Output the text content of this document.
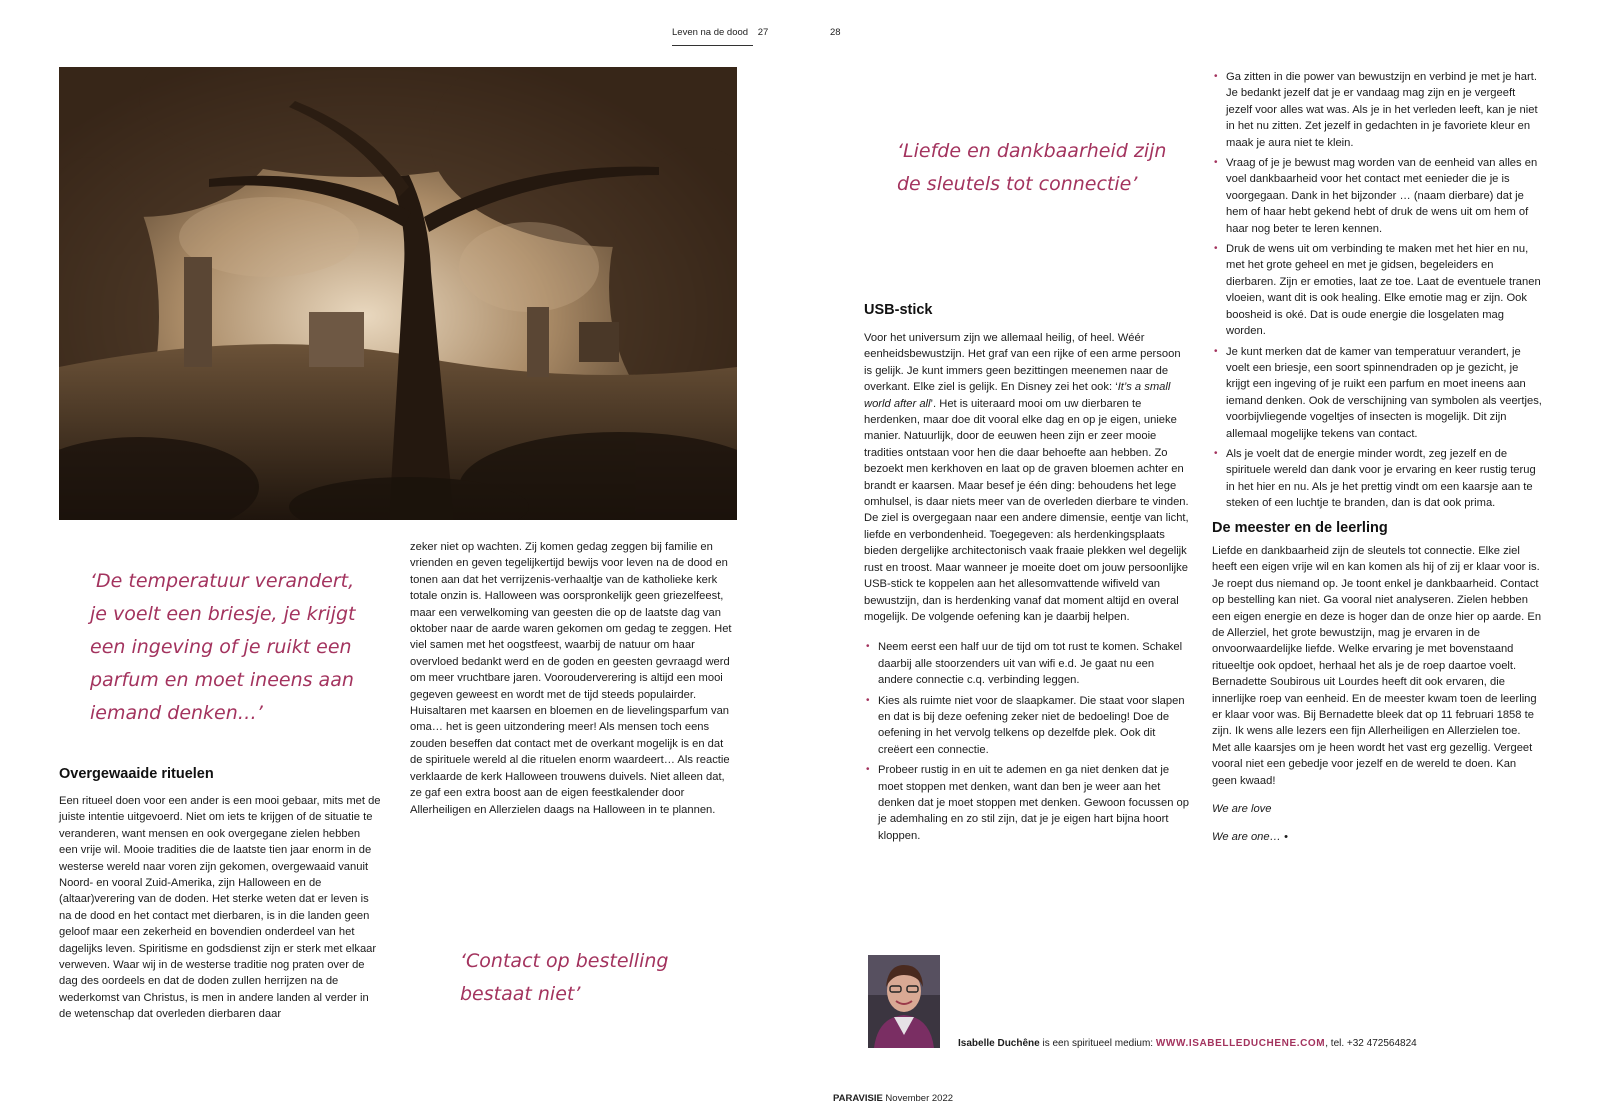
Leven na de dood 27	28
‘De temperatuur verandert,
je voelt een briesje, je krijgt
een ingeving of je ruikt een
parfum en moet ineens aan
iemand denken…’
Overgewaaide rituelen

Een ritueel doen voor een ander is een mooi gebaar, mits met de juiste intentie uitgevoerd. Niet om iets te krijgen of de situatie te veranderen, want mensen en ook overgegane zielen hebben een vrije wil. Mooie tradities die de laatste tien jaar enorm in de westerse wereld naar voren zijn gekomen, overgewaaid vanuit Noord- en vooral Zuid-Amerika, zijn Halloween en de (altaar)verering van de doden. Het sterke weten dat er leven is na de dood en het contact met dierbaren, is in die landen geen geloof maar een zekerheid en bovendien onderdeel van het dagelijks leven. Spiritisme en godsdienst zijn er sterk met elkaar verweven. Waar wij in de westerse traditie nog praten over de dag des oordeels en dat de doden zullen herrijzen na de wederkomst van Christus, is men in andere landen al verder in de wetenschap dat overleden dierbaren daar

zeker niet op wachten. Zij komen gedag zeggen bij familie en vrienden en geven tegelijkertijd bewijs voor leven na de dood en tonen aan dat het verrijzenis-verhaaltje van de katholieke kerk totale onzin is. Halloween was oorspronkelijk geen griezelfeest, maar een verwelkoming van geesten die op de laatste dag van oktober naar de aarde waren gekomen om gedag te zeggen. Het viel samen met het oogstfeest, waarbij de natuur om haar overvloed bedankt werd en de goden en geesten gevraagd werd om meer vruchtbare jaren. Voorouderverering is altijd een mooi gegeven geweest en wordt met de tijd steeds populairder. Huisaltaren met kaarsen en bloemen en de lievelingsparfum van oma… het is geen uitzondering meer! Als mensen toch eens zouden beseffen dat contact met de overkant mogelijk is en dat de spirituele wereld al die rituelen enorm waardeert… Als reactie verklaarde de kerk Halloween trouwens duivels. Niet alleen dat, ze gaf een extra boost aan de eigen feestkalender door Allerheiligen en Allerzielen daags na Halloween in te plannen.

‘Contact op bestelling
bestaat niet’
‘Liefde en dankbaarheid zijn
de sleutels tot connectie’
USB-stick

Voor het universum zijn we allemaal heilig, of heel. Wéér eenheidsbewustzijn. Het graf van een rijke of een arme persoon is gelijk. Je kunt immers geen bezittingen meenemen naar de overkant. Elke ziel is gelijk. En Disney zei het ook: ‘It’s a small world after all’. Het is uiteraard mooi om uw dierbaren te herdenken, maar doe dit vooral elke dag en op je eigen, unieke manier. Natuurlijk, door de eeuwen heen zijn er zeer mooie tradities ontstaan voor hen die daar behoefte aan hebben. Zo bezoekt men kerkhoven en laat op de graven bloemen achter en brandt er kaarsen. Maar besef je één ding: behoudens het lege omhulsel, is daar niets meer van de overleden dierbare te vinden. De ziel is overgegaan naar een andere dimensie, eentje van licht, liefde en verbondenheid. Toegegeven: als herdenkingsplaats bieden dergelijke architectonisch vaak fraaie plekken wel degelijk rust en troost. Maar wanneer je moeite doet om jouw persoonlijke USB-stick te koppelen aan het allesomvattende wifiveld van bewustzijn, dan is herdenking vanaf dat moment altijd en overal mogelijk. De volgende oefening kan je daarbij helpen.

• Neem eerst een half uur de tijd om tot rust te komen. Schakel daarbij alle stoorzenders uit van wifi e.d. Je gaat nu een andere connectie c.q. verbinding leggen.
• Kies als ruimte niet voor de slaapkamer. Die staat voor slapen en dat is bij deze oefening zeker niet de bedoeling! Doe de oefening in het vervolg telkens op dezelfde plek. Ook dit creëert een connectie.
• Probeer rustig in en uit te ademen en ga niet denken dat je moet stoppen met denken, want dan ben je weer aan het denken dat je moet stoppen met denken. Gewoon focussen op je ademhaling en zo stil zijn, dat je je eigen hart bijna hoort kloppen.
• Ga zitten in die power van bewustzijn en verbind je met je hart. Je bedankt jezelf dat je er vandaag mag zijn en je vergeeft jezelf voor alles wat was. Als je in het verleden leeft, kan je niet in het nu zitten. Zet jezelf in gedachten in je favoriete kleur en maak je aura niet te klein.
• Vraag of je je bewust mag worden van de eenheid van alles en voel dankbaarheid voor het contact met eenieder die je is voorgegaan. Dank in het bijzonder … (naam dierbare) dat je hem of haar hebt gekend hebt of druk de wens uit om hem of haar nog beter te leren kennen.
• Druk de wens uit om verbinding te maken met het hier en nu, met het grote geheel en met je gidsen, begeleiders en dierbaren. Zijn er emoties, laat ze toe. Laat de eventuele tranen vloeien, want dit is ook healing. Elke emotie mag er zijn. Ook boosheid is oké. Dat is oude energie die losgelaten mag worden.
• Je kunt merken dat de kamer van temperatuur verandert, je voelt een briesje, een soort spinnendraden op je gezicht, je krijgt een ingeving of je ruikt een parfum en moet ineens aan iemand denken. Ook de verschijning van symbolen als veertjes, voorbijvliegende vogeltjes of insecten is mogelijk. Dit zijn allemaal mogelijke tekens van contact.
• Als je voelt dat de energie minder wordt, zeg jezelf en de spirituele wereld dan dank voor je ervaring en keer rustig terug in het hier en nu. Als je het prettig vindt om een kaarsje aan te steken of een luchtje te branden, dan is dat ook prima.
De meester en de leerling

Liefde en dankbaarheid zijn de sleutels tot connectie. Elke ziel heeft een eigen vrije wil en kan komen als hij of zij er klaar voor is. Je roept dus niemand op. Je toont enkel je dankbaarheid. Contact op bestelling kan niet. Ga vooral niet analyseren. Zielen hebben een eigen energie en deze is hoger dan de onze hier op aarde. En de Allerziel, het grote bewustzijn, mag je ervaren in de onvoorwaardelijke liefde. Welke ervaring je met bovenstaand ritueeltje ook opdoet, herhaal het als je de roep daartoe voelt. Bernadette Soubirous uit Lourdes heeft dit ook ervaren, die innerlijke roep van eenheid. En de meester kwam toen de leerling er klaar voor was. Bij Bernadette bleek dat op 11 februari 1858 te zijn. Ik wens alle lezers een fijn Allerheiligen en Allerzielen toe. Met alle kaarsjes om je heen wordt het vast erg gezellig. Vergeet vooral niet een gebedje voor jezelf en de wereld te doen. Kan geen kwaad!

We are love

We are one… •

Isabelle Duchêne is een spiritueel medium: WWW.ISABELLEDUCHENE.COM, tel. +32 472564824
PARAVISIE November 2022
